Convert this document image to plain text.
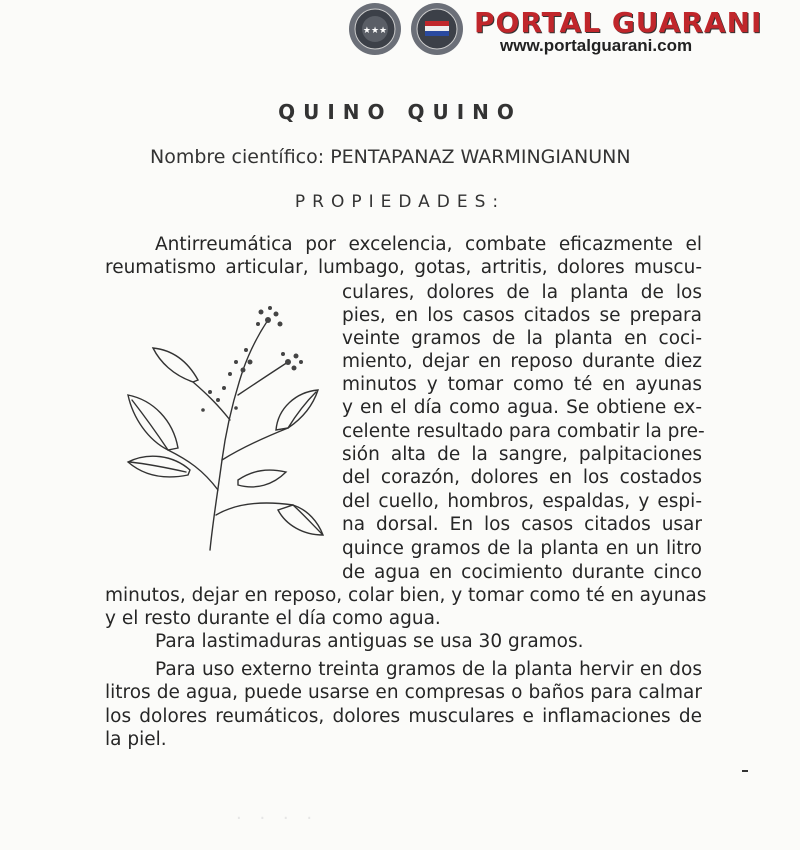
★★★	PORTAL GUARANI
www.portalguarani.com
QUINO QUINO
Nombre científico: PENTAPANAZ WARMINGIANUNN
PROPIEDADES:
Antirreumática por excelencia, combate eficazmente el
reumatismo articular, lumbago, gotas, artritis, dolores muscu-
culares, dolores de la planta de los
pies, en los casos citados se prepara
veinte gramos de la planta en coci-
miento, dejar en reposo durante diez
minutos y tomar como té en ayunas
y en el día como agua. Se obtiene ex-
celente resultado para combatir la pre-
sión alta de la sangre, palpitaciones
del corazón, dolores en los costados
del cuello, hombros, espaldas, y espi-
na dorsal. En los casos citados usar
quince gramos de la planta en un litro
de agua en cocimiento durante cinco
minutos, dejar en reposo, colar bien, y tomar como té en ayunas
y el resto durante el día como agua.
Para lastimaduras antiguas se usa 30 gramos.
Para uso externo treinta gramos de la planta hervir en dos
litros de agua, puede usarse en compresas o baños para calmar
los dolores reumáticos, dolores musculares e inflamaciones de
la piel.
· · · ·
